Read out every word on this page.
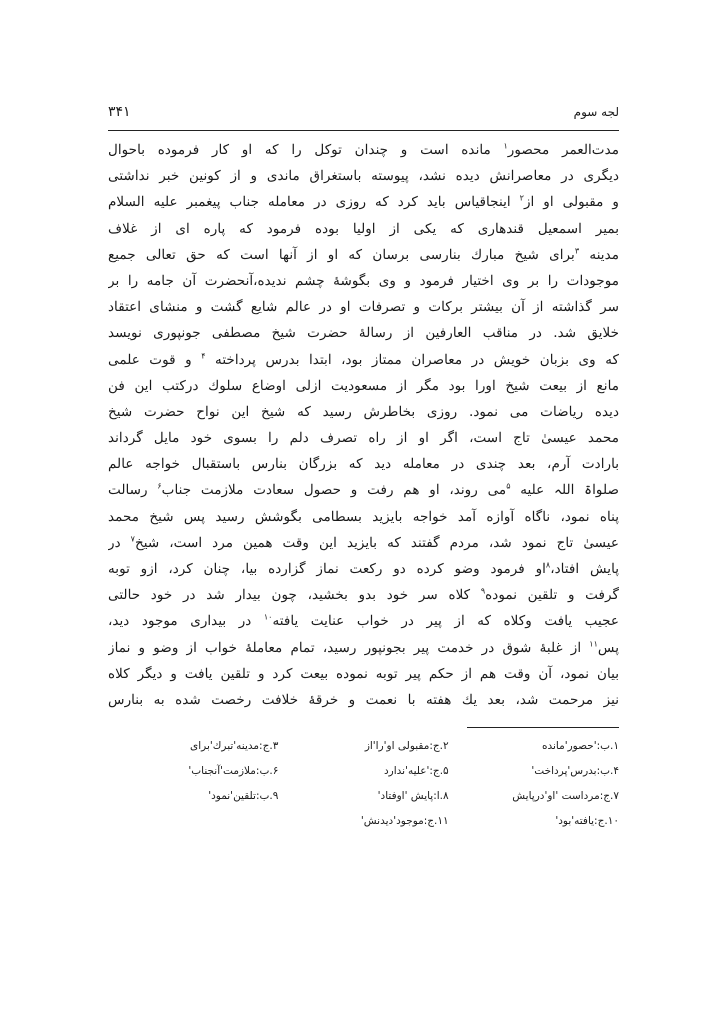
لجه سوم
۳۴۱
مدت‌العمر محصور$^۱$ مانده است و چندان توکل را که او کار فرموده باحوال
دیگری در معاصرانش دیده نشد، پیوسته باستغراق ماندی و از کونین خبر نداشتی
و مقبولی او از$^۲$ اینجاقیاس باید کرد که روزی در معامله جناب پیغمبر علیه السلام
بمیر اسمعیل قندهاری که یکی از اولیا بوده فرمود که پاره ای از غلاف
مدینه $^۳$برای شیخ مبارك بنارسی برسان که او از آنها است که حق تعالی جمیع
موجودات را بر وی اختیار فرمود و وی بگوشهٔ چشم ندیده،آنحضرت آن جامه را بر
سر گذاشته از آن بیشتر برکات و تصرفات او در عالم شایع گشت و منشای اعتقاد
خلایق شد. در مناقب العارفین از رسالهٔ حضرت شیخ مصطفی جونپوری نویسد
که وی بزبان خویش در معاصران ممتاز بود، ابتدا بدرس پرداخته $^۴$ و قوت علمی
مانع از بیعت شیخ اورا بود مگر از مسعودیت ازلی اوضاع سلوك درکتب این فن
دیده ریاضات می نمود. روزی بخاطرش رسید که شیخ این نواح حضرت شیخ
محمد عیسیٰ تاج است، اگر او از راه تصرف دلم را بسوی خود مایل گرداند
بارادت آرم، بعد چندی در معامله دید که بزرگان بنارس باستقبال خواجه عالم
صلواۃ اللہ علیه $^۵$می روند، او هم رفت و حصول سعادت ملازمت جناب$^۶$ رسالت
پناه نمود، ناگاه آوازه آمد خواجه بایزید بسطامی بگوشش رسید پس شیخ محمد
عیسیٰ تاج نمود شد، مردم گفتند که بایزید این وقت همین مرد است، شیخ$^۷$ در
پایش افتاد،$^۸$او فرمود وضو کرده دو رکعت نماز گزارده بیا، چنان کرد، ازو توبه
گرفت و تلقین نموده$^۹$ کلاه سر خود بدو بخشید، چون بیدار شد در خود حالتی
عجیب یافت وکلاه که از پیر در خواب عنایت یافته$^{۱۰}$ در بیداری موجود دید،
پس$^{۱۱}$ از غلبهٔ شوق در خدمت پیر بجونپور رسید، تمام معاملهٔ خواب از وضو و نماز
بیان نمود، آن وقت هم از حکم پیر توبه نموده بیعت کرد و تلقین یافت و دیگر کلاه
نیز مرحمت شد، بعد یك هفته با نعمت و خرقهٔ خلافت رخصت شده به بنارس
۱.ب:'حصور'مانده
۲.ج:مقبولی او'را'از
۳.ج:مدینه'تبرك'برای
۴.ب:بدرس'پرداخت'
۵.ج:'علیه'ندارد
۶.ب:ملازمت'آنجناب'
۷.ج:مرداست 'او'درپایش
۸.ا:پایش 'اوفتاد'
۹.ب:تلقین'نمود'
۱۰.ج:یافته'بود'
۱۱.ج:موجود'دیدنش'
